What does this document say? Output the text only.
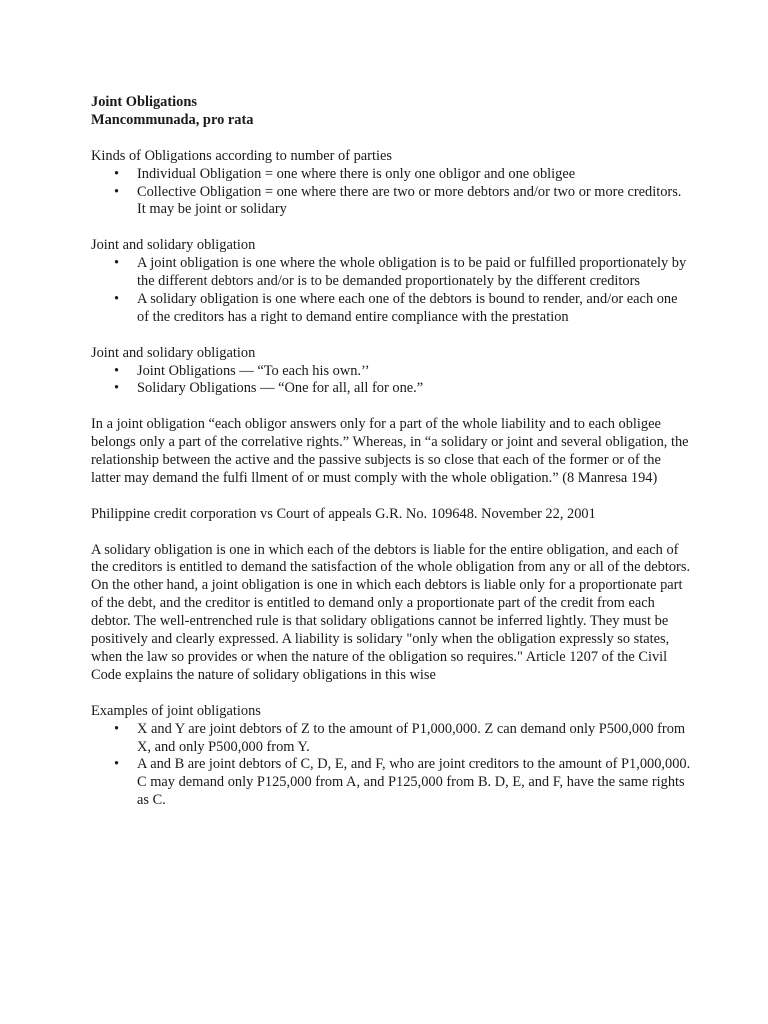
Joint Obligations

Mancommunada, pro rata

Kinds of Obligations according to number of parties

• Individual Obligation = one where there is only one obligor and one obligee
• Collective Obligation = one where there are two or more debtors and/or two or more creditors. It may be joint or solidary

Joint and solidary obligation

• A joint obligation is one where the whole obligation is to be paid or fulfilled proportionately by the different debtors and/or is to be demanded proportionately by the different creditors
• A solidary obligation is one where each one of the debtors is bound to render, and/or each one of the creditors has a right to demand entire compliance with the prestation

Joint and solidary obligation

• Joint Obligations — “To each his own.’’
• Solidary Obligations — “One for all, all for one.”

In a joint obligation “each obligor answers only for a part of the whole liability and to each obligee belongs only a part of the correlative rights.” Whereas, in “a solidary or joint and several obligation, the relationship between the active and the passive subjects is so close that each of the former or of the latter may demand the fulfi llment of or must comply with the whole obligation.” (8 Manresa 194)

Philippine credit corporation vs Court of appeals G.R. No. 109648. November 22, 2001

A solidary obligation is one in which each of the debtors is liable for the entire obligation, and each of the creditors is entitled to demand the satisfaction of the whole obligation from any or all of the debtors. On the other hand, a joint obligation is one in which each debtors is liable only for a proportionate part of the debt, and the creditor is entitled to demand only a proportionate part of the credit from each debtor. The well-entrenched rule is that solidary obligations cannot be inferred lightly. They must be positively and clearly expressed. A liability is solidary "only when the obligation expressly so states, when the law so provides or when the nature of the obligation so requires." Article 1207 of the Civil Code explains the nature of solidary obligations in this wise

Examples of joint obligations

• X and Y are joint debtors of Z to the amount of P1,000,000. Z can demand only P500,000 from X, and only P500,000 from Y.
• A and B are joint debtors of C, D, E, and F, who are joint creditors to the amount of P1,000,000. C may demand only P125,000 from A, and P125,000 from B. D, E, and F, have the same rights as C.
